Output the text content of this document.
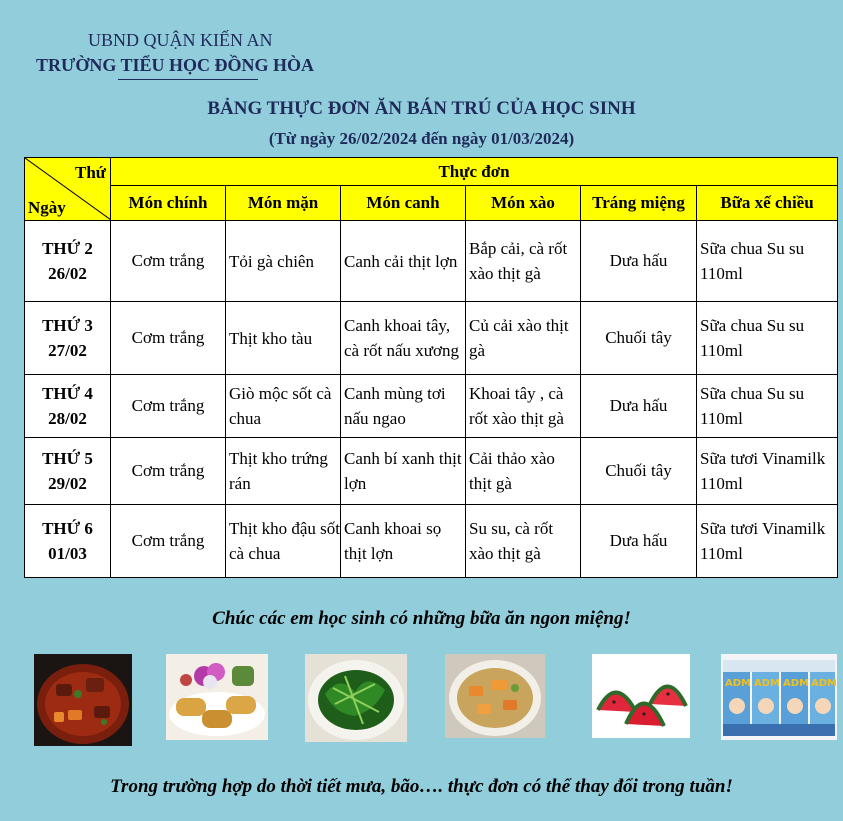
UBND QUẬN KIẾN AN
TRƯỜNG TIỂU HỌC ĐỒNG HÒA
BẢNG THỰC ĐƠN ĂN BÁN TRÚ CỦA HỌC SINH
(Từ ngày 26/02/2024 đến ngày 01/03/2024)
Thứ
Ngày	Thực đơn					
	Món chính	Món mặn	Món canh	Món xào	Tráng miệng	Bữa xế chiều

THỨ 2
26/02	Cơm trắng	Tỏi gà chiên	Canh cải thịt lợn	Bắp cải, cà rốt xào thịt gà	Dưa hấu	Sữa chua Su su 110ml

THỨ 3
27/02	Cơm trắng	Thịt kho tàu	Canh khoai tây, cà rốt nấu xương	Củ cải xào thịt gà	Chuối tây	Sữa chua Su su 110ml

THỨ 4
28/02	Cơm trắng	Giò mộc sốt cà chua	Canh mùng tơi nấu ngao	Khoai tây , cà rốt xào thịt gà	Dưa hấu	Sữa chua Su su 110ml

THỨ 5
29/02	Cơm trắng	Thịt kho trứng rán	Canh bí xanh thịt lợn	Cải thảo xào thịt gà	Chuối tây	Sữa tươi Vinamilk 110ml

THỨ 6
01/03	Cơm trắng	Thịt kho đậu sốt cà chua	Canh khoai sọ thịt lợn	Su su, cà rốt xào thịt gà	Dưa hấu	Sữa tươi Vinamilk 110ml
Chúc các em học sinh có những bữa ăn ngon miệng!
ADM ADM ADM ADM
Trong trường hợp do thời tiết mưa, bão…. thực đơn có thể thay đổi trong tuần!
